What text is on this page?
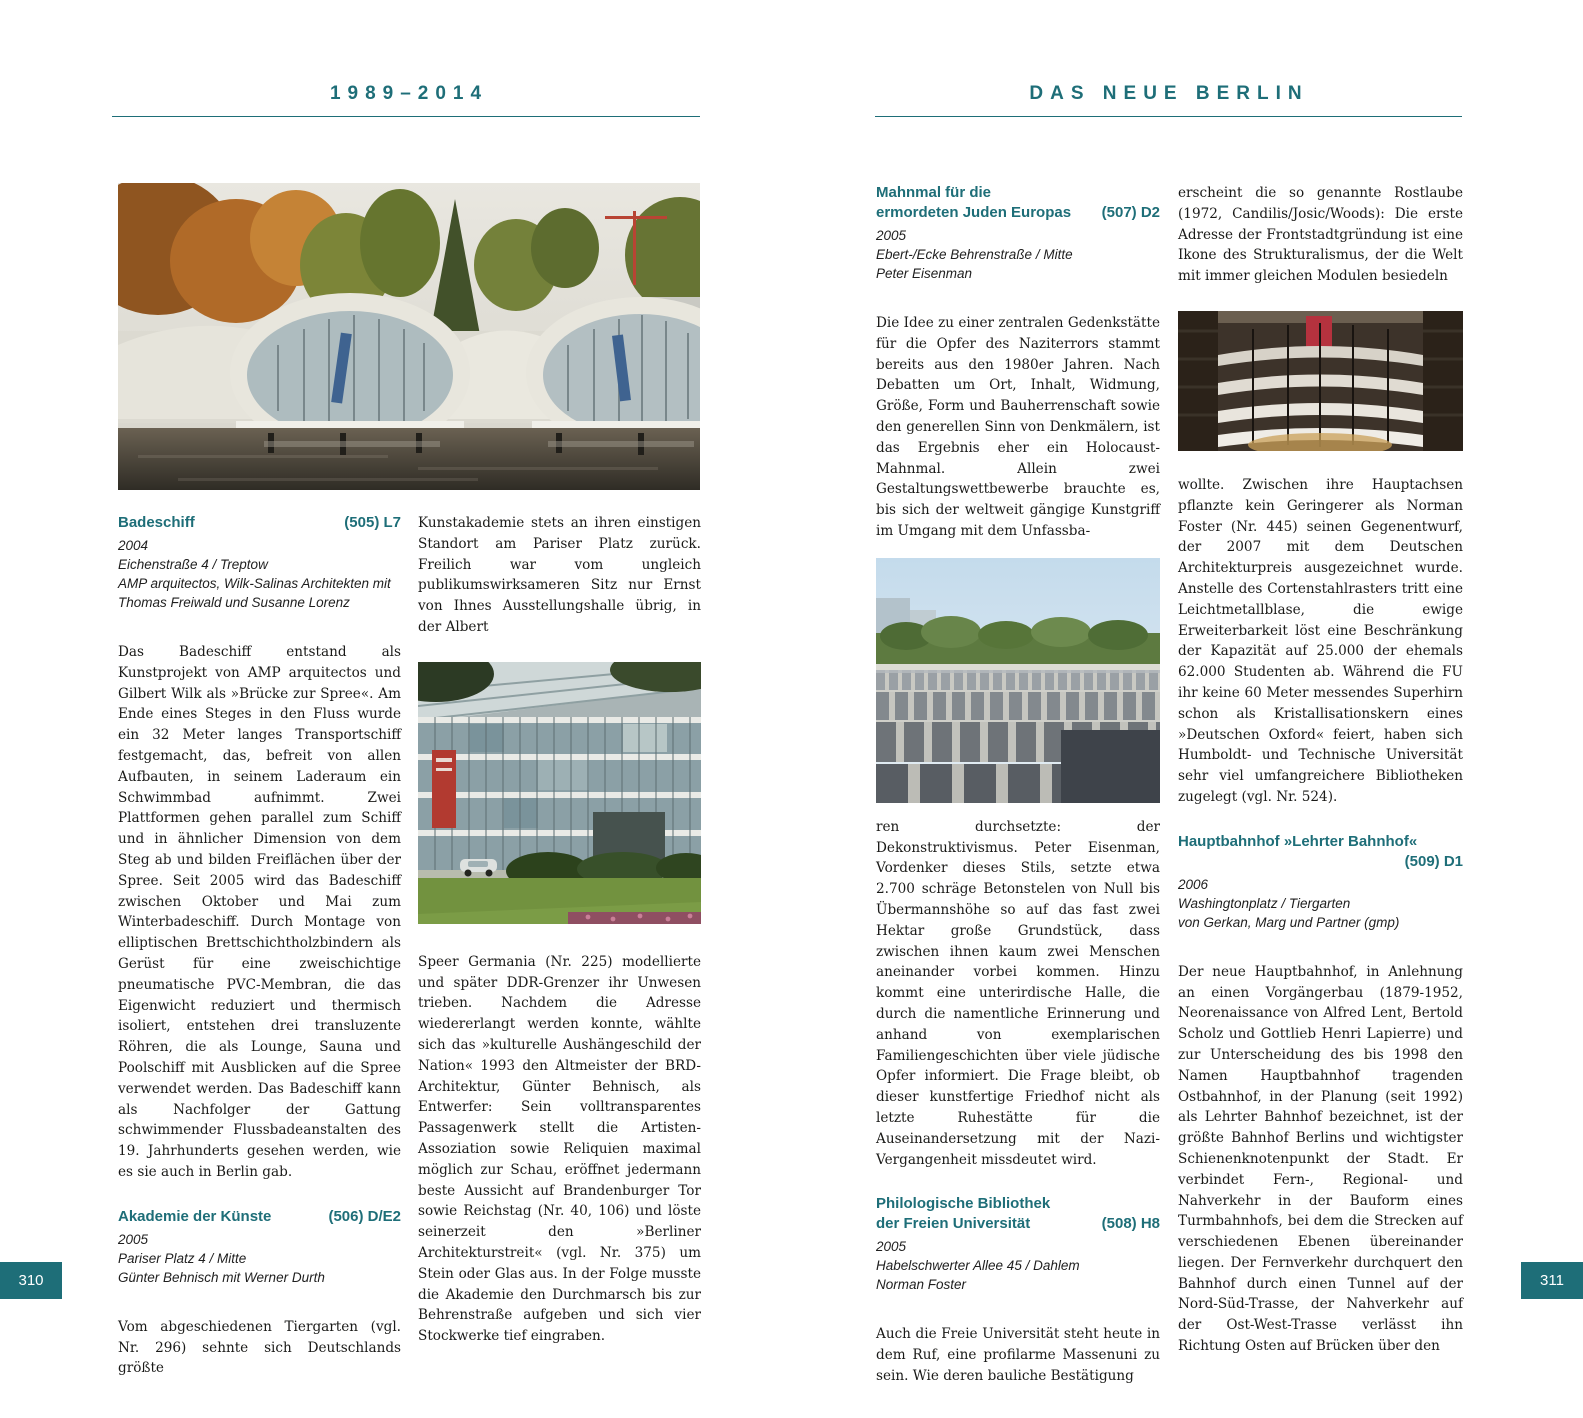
1989–2014
Badeschiff	(505) L7
2004
Eichenstraße 4 / Treptow
AMP arquitectos, Wilk-Salinas Architekten mit Thomas Freiwald und Susanne Lorenz

Das Badeschiff entstand als Kunstprojekt von AMP arquitectos und Gilbert Wilk als »Brücke zur Spree«. Am Ende eines Steges in den Fluss wurde ein 32 Meter langes Transportschiff festgemacht, das, befreit von allen Aufbauten, in seinem Laderaum ein Schwimmbad aufnimmt. Zwei Plattformen gehen parallel zum Schiff und in ähnlicher Dimension von dem Steg ab und bilden Freiflächen über der Spree. Seit 2005 wird das Badeschiff zwischen Oktober und Mai zum Winterbadeschiff. Durch Montage von elliptischen Brettschichtholzbindern als Gerüst für eine zweischichtige pneumatische PVC-Membran, die das Eigenwicht reduziert und thermisch isoliert, entstehen drei transluzente Röhren, die als Lounge, Sauna und Poolschiff mit Ausblicken auf die Spree verwendet werden. Das Badeschiff kann als Nachfolger der Gattung schwimmender Flussbadeanstalten des 19. Jahrhunderts gesehen werden, wie es sie auch in Berlin gab.

Akademie der Künste	(506) D/E2
2005
Pariser Platz 4 / Mitte
Günter Behnisch mit Werner Durth

Vom abgeschiedenen Tiergarten (vgl. Nr. 296) sehnte sich Deutschlands größte

Kunstakademie stets an ihren einstigen Standort am Pariser Platz zurück. Freilich war vom ungleich publikumswirksameren Sitz nur Ernst von Ihnes Ausstellungshalle übrig, in der Albert

Speer Germania (Nr. 225) modellierte und später DDR-Grenzer ihr Unwesen trieben. Nachdem die Adresse wiedererlangt werden konnte, wählte sich das »kulturelle Aushängeschild der Nation« 1993 den Altmeister der BRD-Architektur, Günter Behnisch, als Entwerfer: Sein volltransparentes Passagenwerk stellt die Artisten-Assoziation sowie Reliquien maximal möglich zur Schau, eröffnet jedermann beste Aussicht auf Brandenburger Tor sowie Reichstag (Nr. 40, 106) und löste seinerzeit den »Berliner Architekturstreit« (vgl. Nr. 375) um Stein oder Glas aus. In der Folge musste die Akademie den Durchmarsch bis zur Behrenstraße aufgeben und sich vier Stockwerke tief eingraben.

310
DAS NEUE BERLIN
Mahnmal für die
ermordeten Juden Europas (507) D2
2005
Ebert-/Ecke Behrenstraße / Mitte
Peter Eisenman

Die Idee zu einer zentralen Gedenkstätte für die Opfer des Naziterrors stammt bereits aus den 1980er Jahren. Nach Debatten um Ort, Inhalt, Widmung, Größe, Form und Bauherrenschaft sowie den generellen Sinn von Denkmälern, ist das Ergebnis eher ein Holocaust-Mahnmal. Allein zwei Gestaltungswettbewerbe brauchte es, bis sich der weltweit gängige Kunstgriff im Umgang mit dem Unfassba-

ren durchsetzte: der Dekonstruktivismus. Peter Eisenman, Vordenker dieses Stils, setzte etwa 2.700 schräge Betonstelen von Null bis Übermannshöhe so auf das fast zwei Hektar große Grundstück, dass zwischen ihnen kaum zwei Menschen aneinander vorbei kommen. Hinzu kommt eine unterirdische Halle, die durch die namentliche Erinnerung und anhand von exemplarischen Familiengeschichten über viele jüdische Opfer informiert. Die Frage bleibt, ob dieser kunstfertige Friedhof nicht als letzte Ruhestätte für die Auseinandersetzung mit der Nazi-Vergangenheit missdeutet wird.

Philologische Bibliothek
der Freien Universität	(508) H8
2005
Habelschwerter Allee 45 / Dahlem
Norman Foster

Auch die Freie Universität steht heute in dem Ruf, eine profilarme Massenuni zu sein. Wie deren bauliche Bestätigung

erscheint die so genannte Rostlaube (1972, Candilis/Josic/Woods): Die erste Adresse der Frontstadtgründung ist eine Ikone des Strukturalismus, der die Welt mit immer gleichen Modulen besiedeln

wollte. Zwischen ihre Hauptachsen pflanzte kein Geringerer als Norman Foster (Nr. 445) seinen Gegenentwurf, der 2007 mit dem Deutschen Architekturpreis ausgezeichnet wurde. Anstelle des Cortenstahlrasters tritt eine Leichtmetallblase, die ewige Erweiterbarkeit löst eine Beschränkung der Kapazität auf 25.000 der ehemals 62.000 Studenten ab. Während die FU ihr keine 60 Meter messendes Superhirn schon als Kristallisationskern eines »Deutschen Oxford« feiert, haben sich Humboldt- und Technische Universität sehr viel umfangreichere Bibliotheken zugelegt (vgl. Nr. 524).

Hauptbahnhof »Lehrter Bahnhof«
(509) D1
2006
Washingtonplatz / Tiergarten
von Gerkan, Marg und Partner (gmp)

Der neue Hauptbahnhof, in Anlehnung an einen Vorgängerbau (1879-1952, Neorenaissance von Alfred Lent, Bertold Scholz und Gottlieb Henri Lapierre) und zur Unterscheidung des bis 1998 den Namen Hauptbahnhof tragenden Ostbahnhof, in der Planung (seit 1992) als Lehrter Bahnhof bezeichnet, ist der größte Bahnhof Berlins und wichtigster Schienenknotenpunkt der Stadt. Er verbindet Fern-, Regional- und Nahverkehr in der Bauform eines Turmbahnhofs, bei dem die Strecken auf verschiedenen Ebenen übereinander liegen. Der Fernverkehr durchquert den Bahnhof durch einen Tunnel auf der Nord-Süd-Trasse, der Nahverkehr auf der Ost-West-Trasse verlässt ihn Richtung Osten auf Brücken über den

311
